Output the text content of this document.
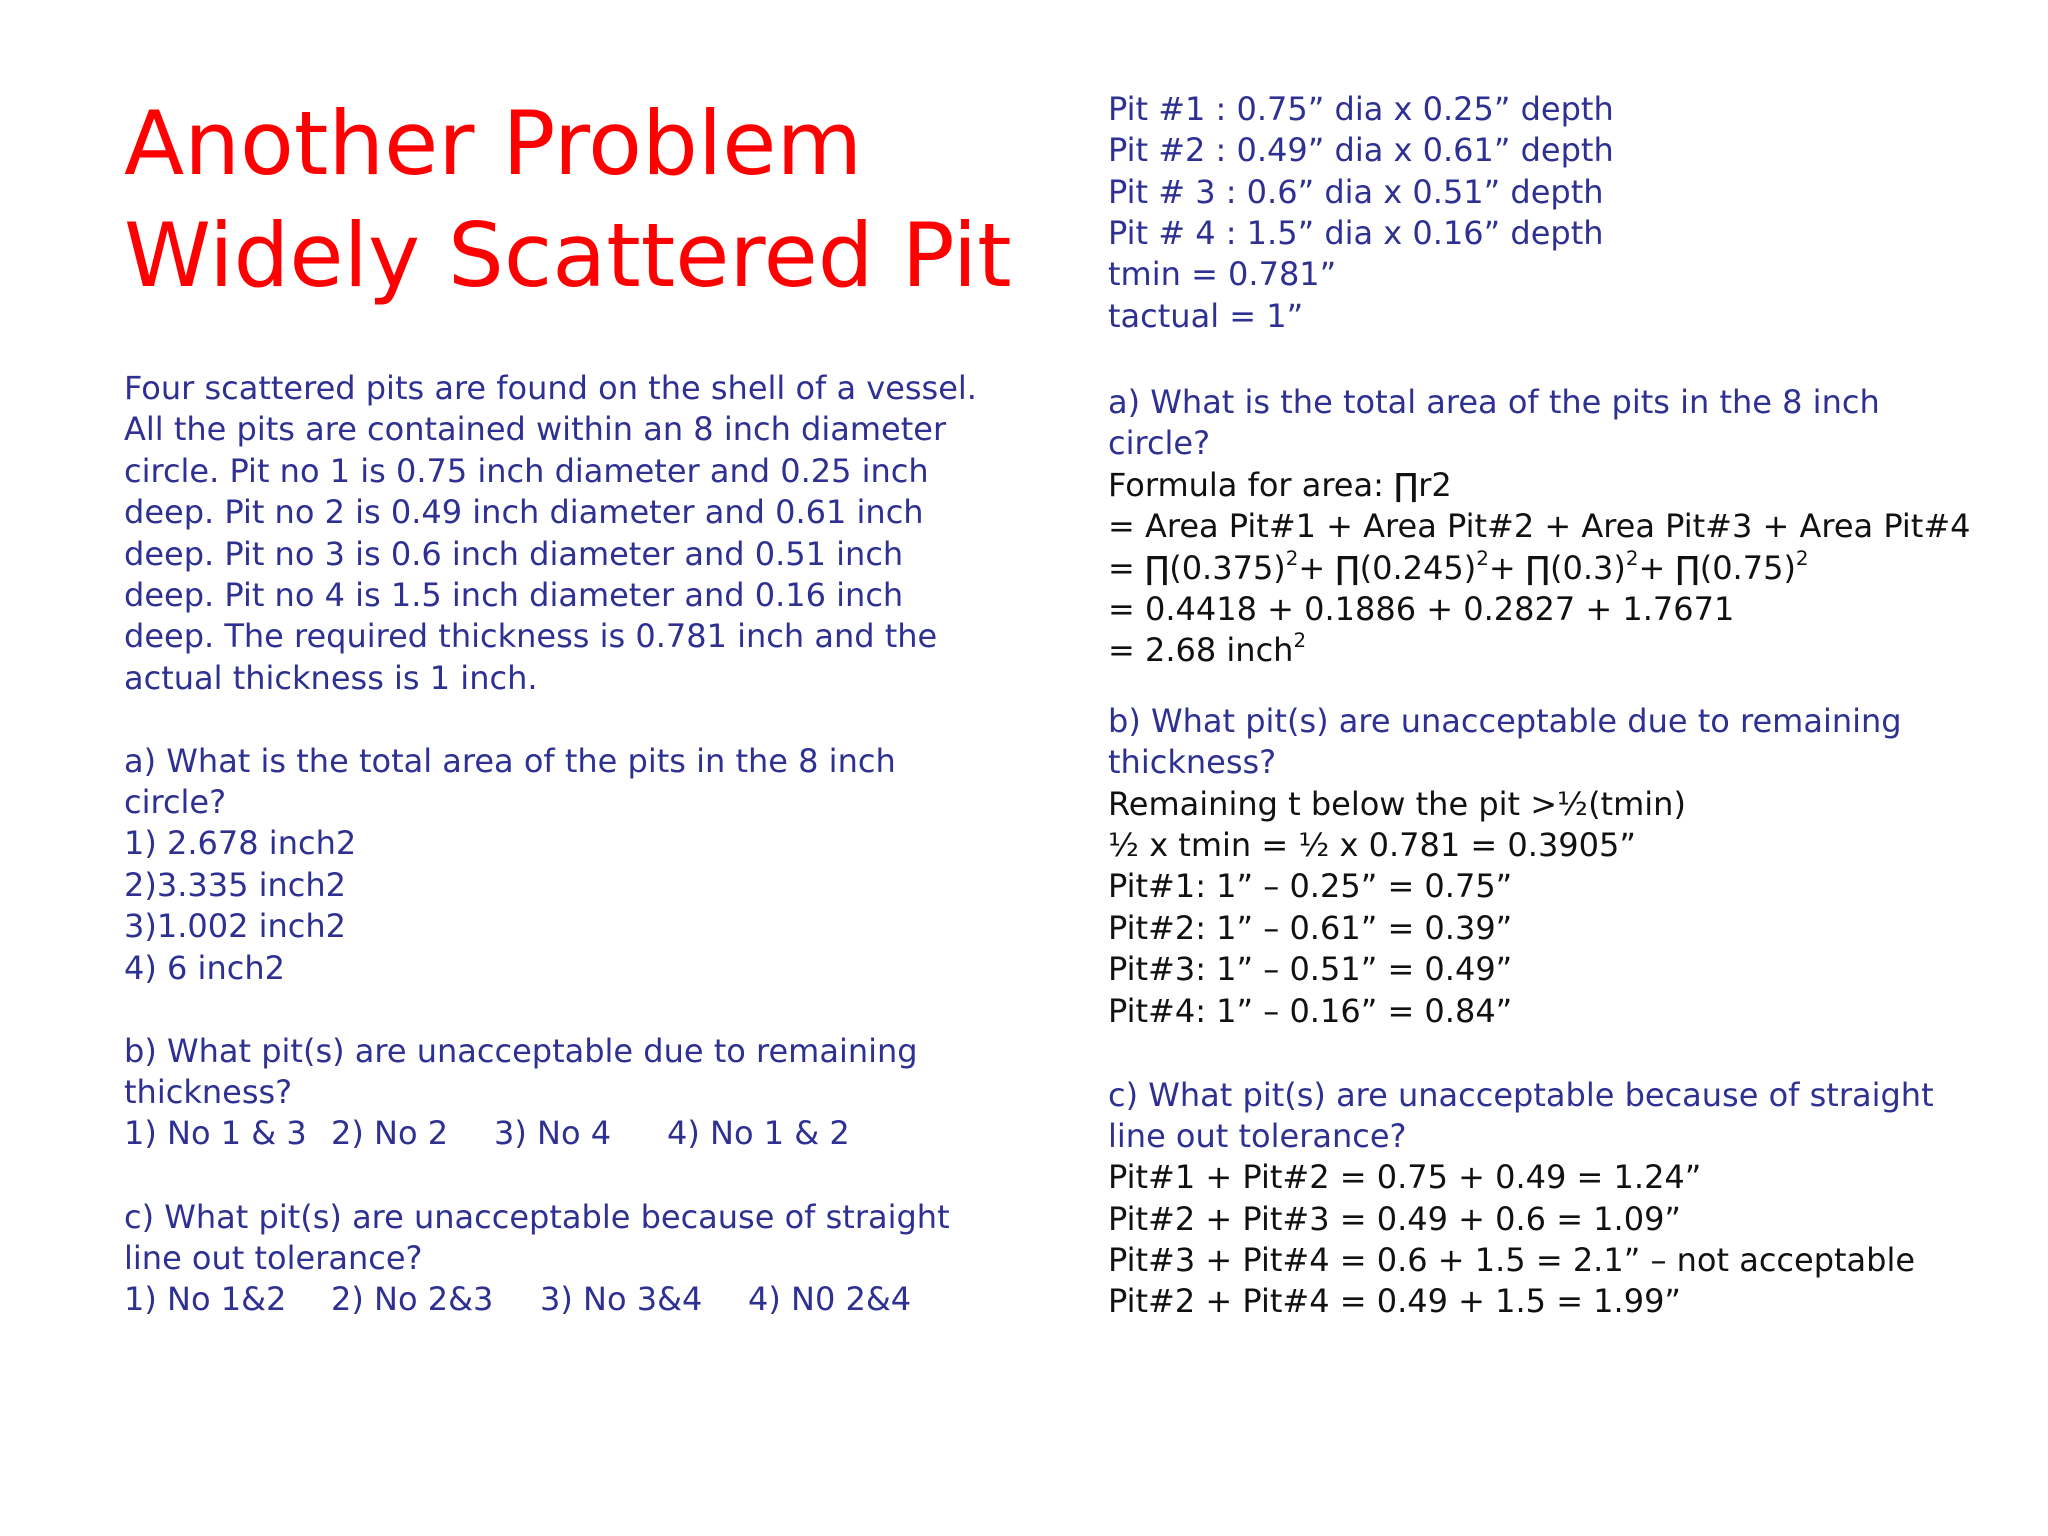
Another Problem
Widely Scattered Pit
Four scattered pits are found on the shell of a vessel.
All the pits are contained within an 8 inch diameter
circle. Pit no 1 is 0.75 inch diameter and 0.25 inch
deep. Pit no 2 is 0.49 inch diameter and 0.61 inch
deep. Pit no 3 is 0.6 inch diameter and 0.51 inch
deep. Pit no 4 is 1.5 inch diameter and 0.16 inch
deep. The required thickness is 0.781 inch and the
actual thickness is 1 inch.
a) What is the total area of the pits in the 8 inch
circle?
1) 2.678 inch2
2)3.335 inch2
3)1.002 inch2
4) 6 inch2
b) What pit(s) are unacceptable due to remaining
thickness?
1) No 1 & 3 2) No 2 3) No 4 4) No 1 & 2
c) What pit(s) are unacceptable because of straight
line out tolerance?
1) No 1&2 2) No 2&3 3) No 3&4 4) N0 2&4
Pit #1 : 0.75” dia x 0.25” depth
Pit #2 : 0.49” dia x 0.61” depth
Pit # 3 : 0.6” dia x 0.51” depth
Pit # 4 : 1.5” dia x 0.16” depth
tmin = 0.781”
tactual = 1”
a) What is the total area of the pits in the 8 inch
circle?
Formula for area: ∏r2
= Area Pit#1 + Area Pit#2 + Area Pit#3 + Area Pit#4
= $\prod(0.375)^2+$ $\prod(0.245)^2+$ $\prod(0.3)^2+$ $\prod(0.75)^2$
= 0.4418 + 0.1886 + 0.2827 + 1.7671
= 2.68 inch$^2$
b) What pit(s) are unacceptable due to remaining
thickness?
Remaining t below the pit >½(tmin)
½ x tmin = ½ x 0.781 = 0.3905”
Pit#1: 1” – 0.25” = 0.75”
Pit#2: 1” – 0.61” = 0.39”
Pit#3: 1” – 0.51” = 0.49”
Pit#4: 1” – 0.16” = 0.84”
c) What pit(s) are unacceptable because of straight
line out tolerance?
Pit#1 + Pit#2 = 0.75 + 0.49 = 1.24”
Pit#2 + Pit#3 = 0.49 + 0.6 = 1.09”
Pit#3 + Pit#4 = 0.6 + 1.5 = 2.1” – not acceptable
Pit#2 + Pit#4 = 0.49 + 1.5 = 1.99”
